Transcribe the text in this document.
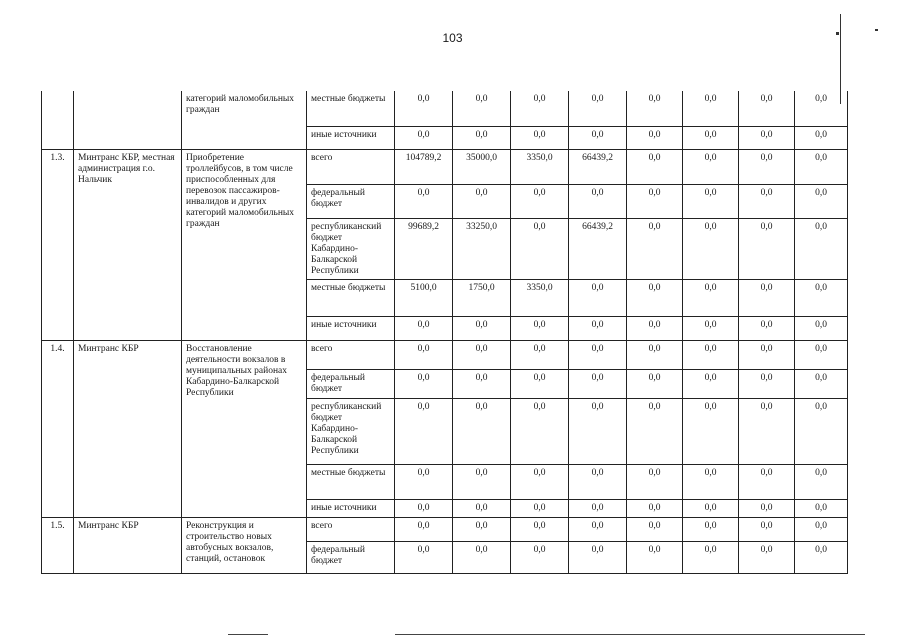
103
		категорий маломобильных граждан	местные бюджеты	0,0	0,0	0,0	0,0	0,0	0,0	0,0	0,0
			иные источники	0,0	0,0	0,0	0,0	0,0	0,0	0,0	0,0
1.3.	Минтранс КБР, местная администрация г.о. Нальчик	Приобретение троллейбусов, в том числе приспособленных для перевозок пассажиров-инвалидов и других категорий маломобильных граждан	всего	104789,2	35000,0	3350,0	66439,2	0,0	0,0	0,0	0,0
			федеральный бюджет	0,0	0,0	0,0	0,0	0,0	0,0	0,0	0,0
			республиканский бюджет Кабардино-Балкарской Республики	99689,2	33250,0	0,0	66439,2	0,0	0,0	0,0	0,0
			местные бюджеты	5100,0	1750,0	3350,0	0,0	0,0	0,0	0,0	0,0
			иные источники	0,0	0,0	0,0	0,0	0,0	0,0	0,0	0,0
1.4.	Минтранс КБР	Восстановление деятельности вокзалов в муниципальных районах Кабардино-Балкарской Республики	всего	0,0	0,0	0,0	0,0	0,0	0,0	0,0	0,0
			федеральный бюджет	0,0	0,0	0,0	0,0	0,0	0,0	0,0	0,0
			республиканский бюджет Кабардино-Балкарской Республики	0,0	0,0	0,0	0,0	0,0	0,0	0,0	0,0
			местные бюджеты	0,0	0,0	0,0	0,0	0,0	0,0	0,0	0,0
			иные источники	0,0	0,0	0,0	0,0	0,0	0,0	0,0	0,0
1.5.	Минтранс КБР	Реконструкция и строительство новых автобусных вокзалов, станций, остановок	всего	0,0	0,0	0,0	0,0	0,0	0,0	0,0	0,0
			федеральный бюджет	0,0	0,0	0,0	0,0	0,0	0,0	0,0	0,0
